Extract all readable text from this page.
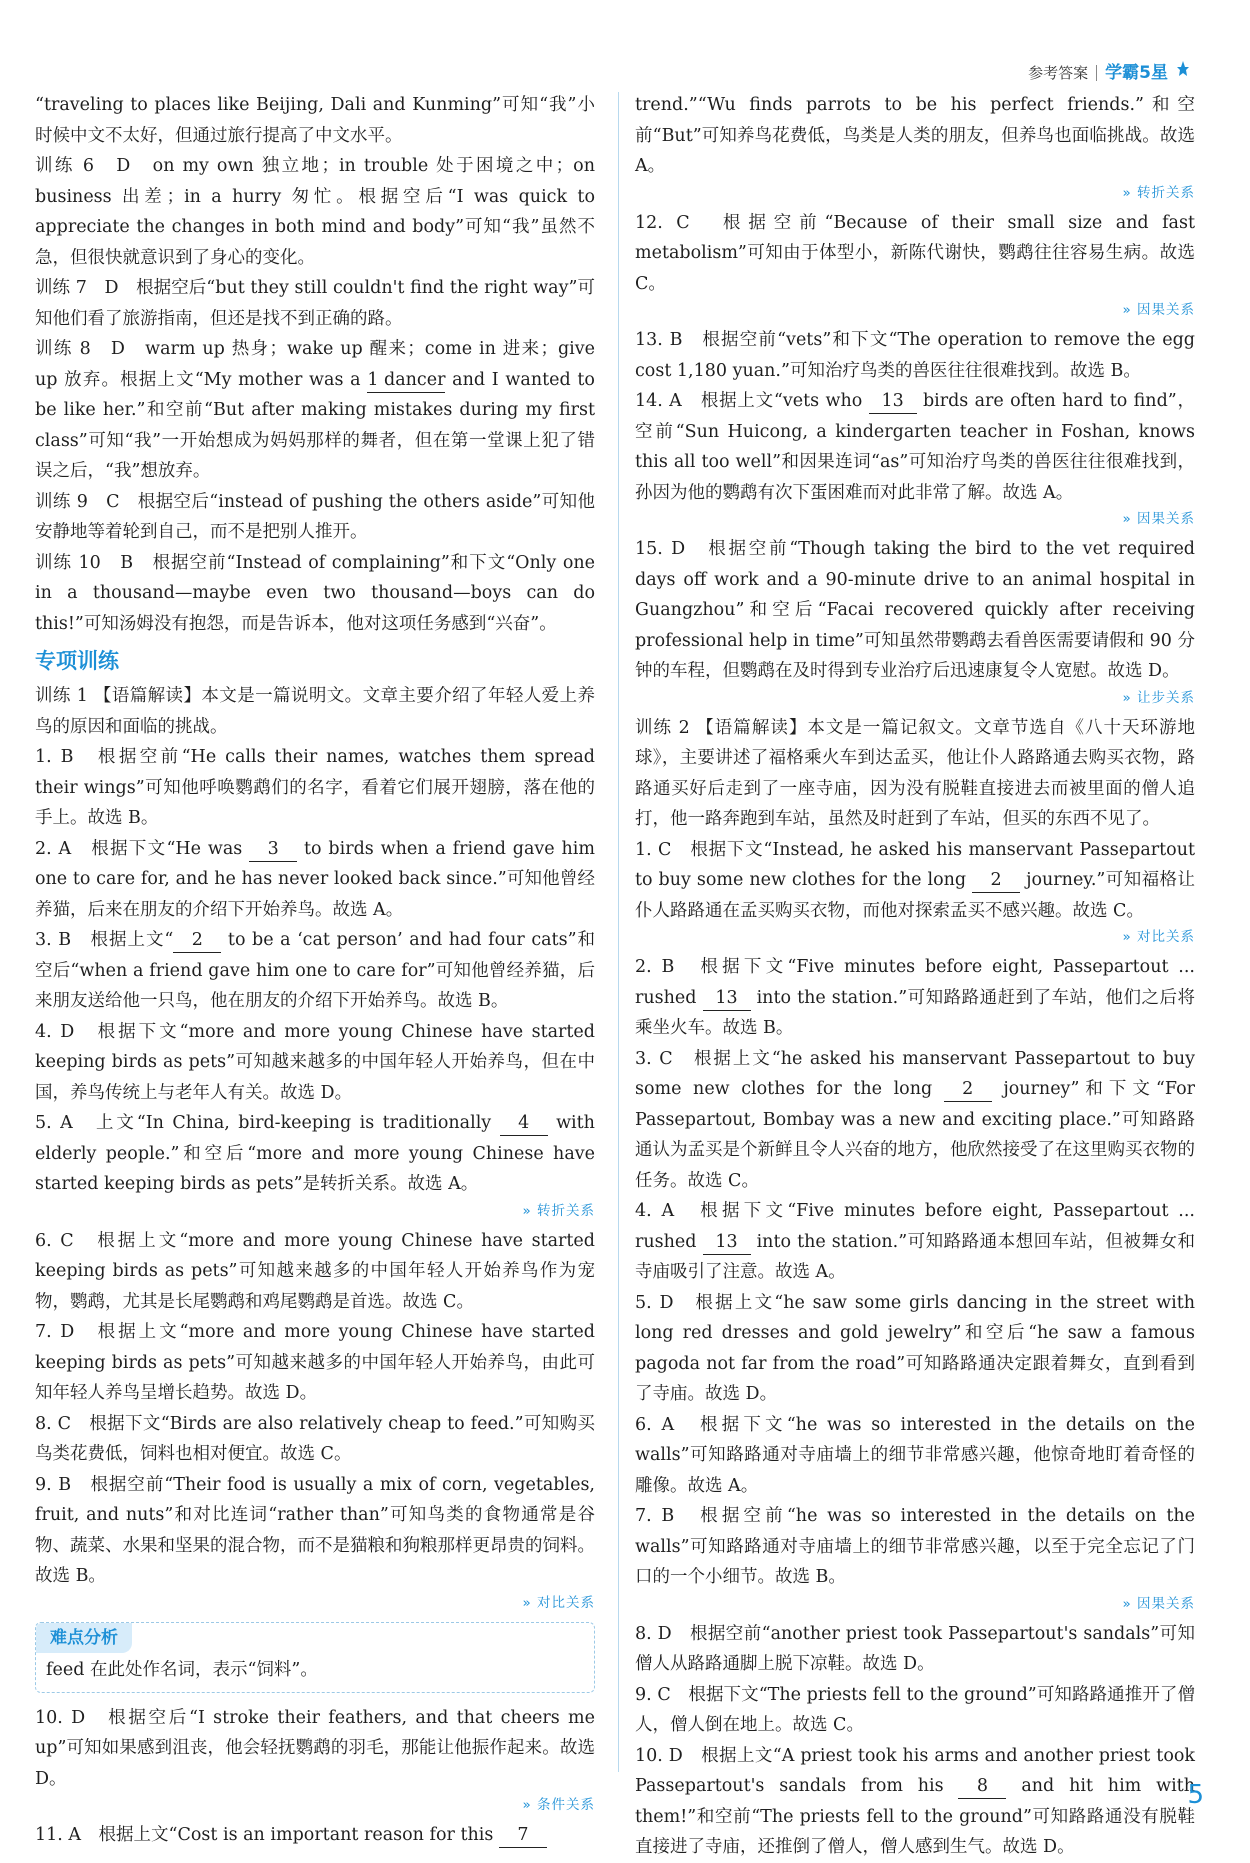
参考答案 学霸5星

“traveling to places like Beijing, Dali and Kunming”可知“我”小时候中文不太好，但通过旅行提高了中文水平。

训练 6　D　on my own 独立地；in trouble 处于困境之中；on business 出差；in a hurry 匆忙。根据空后“I was quick to appreciate the changes in both mind and body”可知“我”虽然不急，但很快就意识到了身心的变化。

训练 7　D　根据空后“but they still couldn't find the right way”可知他们看了旅游指南，但还是找不到正确的路。

训练 8　D　warm up 热身；wake up 醒来；come in 进来；give up 放弃。根据上文“My mother was a 1 dancer and I wanted to be like her.”和空前“But after making mistakes during my first class”可知“我”一开始想成为妈妈那样的舞者，但在第一堂课上犯了错误之后，“我”想放弃。

训练 9　C　根据空后“instead of pushing the others aside”可知他安静地等着轮到自己，而不是把别人推开。

训练 10　B　根据空前“Instead of complaining”和下文“Only one in a thousand—maybe even two thousand—boys can do this!”可知汤姆没有抱怨，而是告诉本，他对这项任务感到“兴奋”。

专项训练

训练 1 【语篇解读】本文是一篇说明文。文章主要介绍了年轻人爱上养鸟的原因和面临的挑战。

1. B　根据空前“He calls their names, watches them spread their wings”可知他呼唤鹦鹉们的名字，看着它们展开翅膀，落在他的手上。故选 B。

2. A　根据下文“He was 3 to birds when a friend gave him one to care for, and he has never looked back since.”可知他曾经养猫，后来在朋友的介绍下开始养鸟。故选 A。

3. B　根据上文“ 2 to be a ‘cat person’ and had four cats”和空后“when a friend gave him one to care for”可知他曾经养猫，后来朋友送给他一只鸟，他在朋友的介绍下开始养鸟。故选 B。

4. D　根据下文“more and more young Chinese have started keeping birds as pets”可知越来越多的中国年轻人开始养鸟，但在中国，养鸟传统上与老年人有关。故选 D。

5. A　上文“In China, bird-keeping is traditionally 4 with elderly people.”和空后“more and more young Chinese have started keeping birds as pets”是转折关系。故选 A。

» 转折关系

6. C　根据上文“more and more young Chinese have started keeping birds as pets”可知越来越多的中国年轻人开始养鸟作为宠物，鹦鹉，尤其是长尾鹦鹉和鸡尾鹦鹉是首选。故选 C。

7. D　根据上文“more and more young Chinese have started keeping birds as pets”可知越来越多的中国年轻人开始养鸟，由此可知年轻人养鸟呈增长趋势。故选 D。

8. C　根据下文“Birds are also relatively cheap to feed.”可知购买鸟类花费低，饲料也相对便宜。故选 C。

9. B　根据空前“Their food is usually a mix of corn, vegetables, fruit, and nuts”和对比连词“rather than”可知鸟类的食物通常是谷物、蔬菜、水果和坚果的混合物，而不是猫粮和狗粮那样更昂贵的饲料。故选 B。

» 对比关系
难点分析
feed 在此处作名词，表示“饲料”。

10. D　根据空后“I stroke their feathers, and that cheers me up”可知如果感到沮丧，他会轻抚鹦鹉的羽毛，那能让他振作起来。故选 D。

» 条件关系

11. A　根据上文“Cost is an important reason for this 7

trend.”“Wu finds parrots to be his perfect friends.”和空前“But”可知养鸟花费低，鸟类是人类的朋友，但养鸟也面临挑战。故选 A。

» 转折关系

12. C　根据空前“Because of their small size and fast metabolism”可知由于体型小，新陈代谢快，鹦鹉往往容易生病。故选 C。

» 因果关系

13. B　根据空前“vets”和下文“The operation to remove the egg cost 1,180 yuan.”可知治疗鸟类的兽医往往很难找到。故选 B。

14. A　根据上文“vets who 13 birds are often hard to find”，空前“Sun Huicong, a kindergarten teacher in Foshan, knows this all too well”和因果连词“as”可知治疗鸟类的兽医往往很难找到，孙因为他的鹦鹉有次下蛋困难而对此非常了解。故选 A。

» 因果关系

15. D　根据空前“Though taking the bird to the vet required days off work and a 90-minute drive to an animal hospital in Guangzhou”和空后“Facai recovered quickly after receiving professional help in time”可知虽然带鹦鹉去看兽医需要请假和 90 分钟的车程，但鹦鹉在及时得到专业治疗后迅速康复令人宽慰。故选 D。

» 让步关系

训练 2 【语篇解读】本文是一篇记叙文。文章节选自《八十天环游地球》，主要讲述了福格乘火车到达孟买，他让仆人路路通去购买衣物，路路通买好后走到了一座寺庙，因为没有脱鞋直接进去而被里面的僧人追打，他一路奔跑到车站，虽然及时赶到了车站，但买的东西不见了。

1. C　根据下文“Instead, he asked his manservant Passepartout to buy some new clothes for the long 2 journey.”可知福格让仆人路路通在孟买购买衣物，而他对探索孟买不感兴趣。故选 C。

» 对比关系

2. B　根据下文“Five minutes before eight, Passepartout ... rushed 13 into the station.”可知路路通赶到了车站，他们之后将乘坐火车。故选 B。

3. C　根据上文“he asked his manservant Passepartout to buy some new clothes for the long 2 journey”和下文“For Passepartout, Bombay was a new and exciting place.”可知路路通认为孟买是个新鲜且令人兴奋的地方，他欣然接受了在这里购买衣物的任务。故选 C。

4. A　根据下文“Five minutes before eight, Passepartout ... rushed 13 into the station.”可知路路通本想回车站，但被舞女和寺庙吸引了注意。故选 A。

5. D　根据上文“he saw some girls dancing in the street with long red dresses and gold jewelry”和空后“he saw a famous pagoda not far from the road”可知路路通决定跟着舞女，直到看到了寺庙。故选 D。

6. A　根据下文“he was so interested in the details on the walls”可知路路通对寺庙墙上的细节非常感兴趣，他惊奇地盯着奇怪的雕像。故选 A。

7. B　根据空前“he was so interested in the details on the walls”可知路路通对寺庙墙上的细节非常感兴趣，以至于完全忘记了门口的一个小细节。故选 B。

» 因果关系

8. D　根据空前“another priest took Passepartout's sandals”可知僧人从路路通脚上脱下凉鞋。故选 D。

9. C　根据下文“The priests fell to the ground”可知路路通推开了僧人，僧人倒在地上。故选 C。

10. D　根据上文“A priest took his arms and another priest took Passepartout's sandals from his 8 and hit him with them!”和空前“The priests fell to the ground”可知路路通没有脱鞋直接进了寺庙，还推倒了僧人，僧人感到生气。故选 D。

5
